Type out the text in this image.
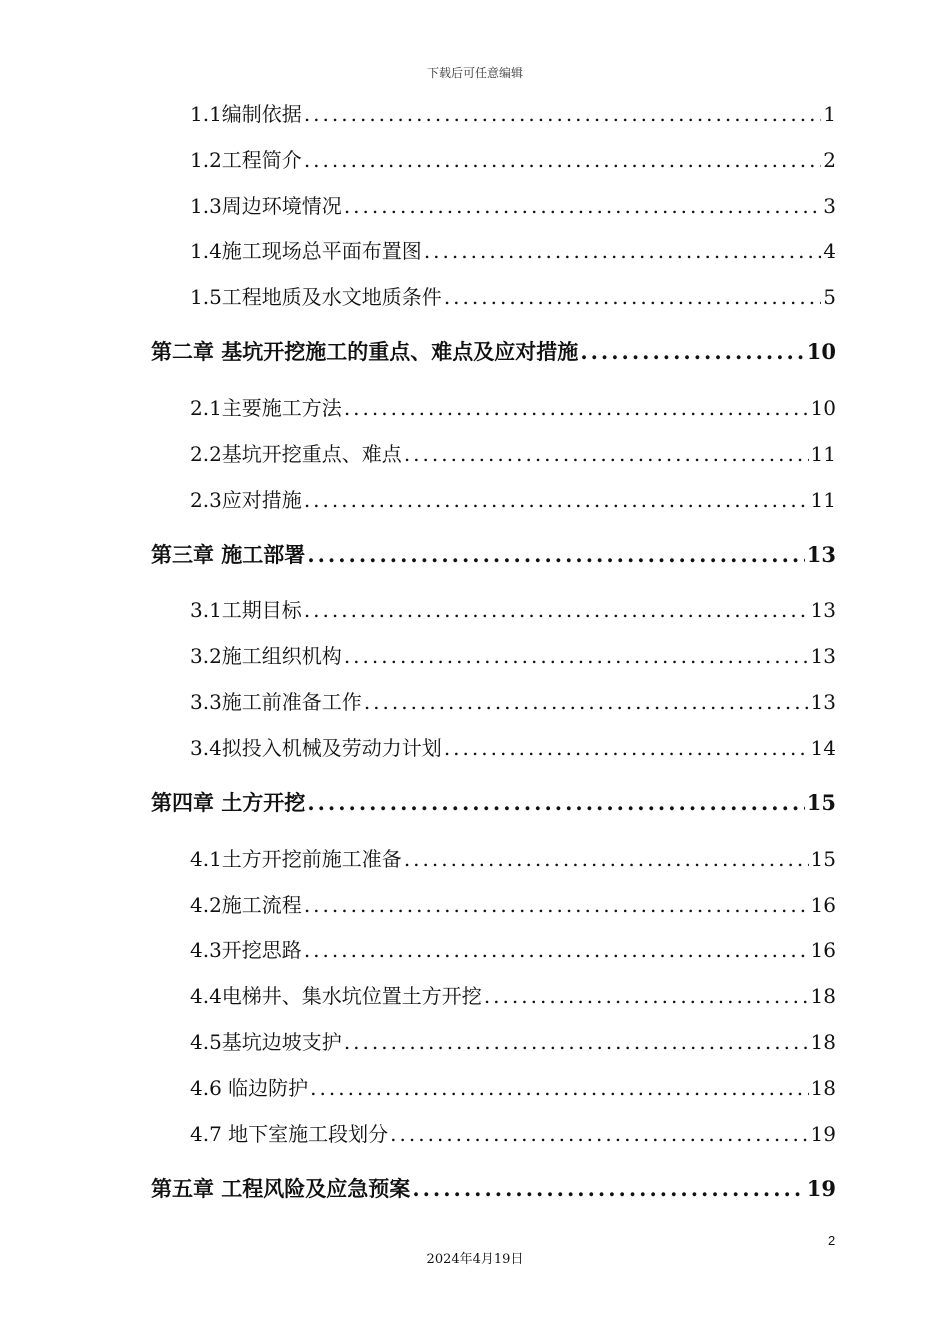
下载后可任意编辑
1.1编制依据 .....	1
1.2工程简介 .....	2
1.3周边环境情况 .....	3
1.4施工现场总平面布置图 .....	4
1.5工程地质及水文地质条件 .....	5
第二章 基坑开挖施工的重点、难点及应对措施 .....	10
2.1主要施工方法 .....	10
2.2基坑开挖重点、难点 .....	11
2.3应对措施 .....	11
第三章 施工部署 .....	13
3.1工期目标 .....	13
3.2施工组织机构 .....	13
3.3施工前准备工作 .....	13
3.4拟投入机械及劳动力计划 .....	14
第四章 土方开挖 .....	15
4.1土方开挖前施工准备 .....	15
4.2施工流程 .....	16
4.3开挖思路 .....	16
4.4电梯井、集水坑位置土方开挖 .....	18
4.5基坑边坡支护 .....	18
4.6 临边防护 .....	18
4.7 地下室施工段划分 .....	19
第五章 工程风险及应急预案 .....	19
2
2024年4月19日
